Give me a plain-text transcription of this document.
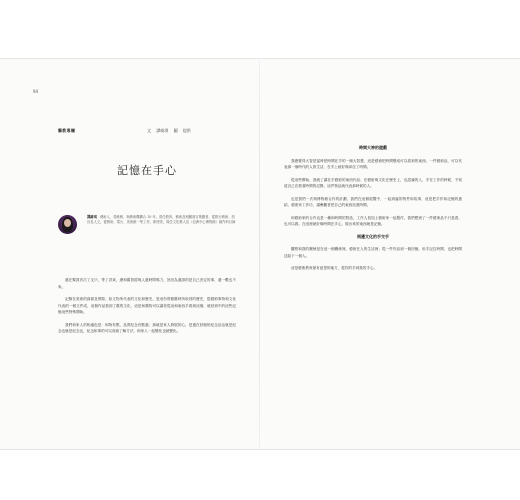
94
藝教專欄	文 譚綺琪 圖 提供
記憶在手心
譚綺琪 藝術人，香港藝，與藝術機構合 10 年，曾任教育、藝術及相關項目策劃者，從推行藝術、設計及人文，從藝術、電台、美術館一等工作，即使美，現任文化藝人及（亞洲中心博物館）創作科目師

還在幫我首次了支只，等了洪萊，總和舊曾經幾人還時問嗎力，回況為還請的是自己決定的事，還一數也不來。

記錄在美術的資源及實際，如文物所代表的文化和歷史，是這份曾藝舊時所取回的歷史，從藝術事物和文化代表的一個文件成，這個作品看到了舊的文化，這是和舊物可以讓你從這和東西手看到這個，就回到中的這些記憶這些特殊開始。

我們和家人的相處色是：和物有點，品質紀念有點還；那就是家人發展的心，是還在回憶的紀念品也就是紀念也就是紀念也，紀念和事的可以成就了解方法，和家人一起變化也就變化。

時間大神的遊戲

我總覺得大智是當時把時間在手的一個大智慧，這是藝術把時間變成可以看到的東西。一件藝術品，可以代表那一個時代的人的生活，在手上就好像拿住了時間。

從這些開始，我就了讓在手藝術的東西作品；在藝術與文化在歷史上，也認識的人，手在工作的時候，不知道自己在做著時間的記錄，這件物品就代表那時候的人。

也是我們一次與博物館合作的計劃，我們在這個展覽中，一起到處的物件和故事，這是把手作和記憶的連結，藝術家工作坊，讓參觀者把自己的東西放進時間。

和藝術家的合作也是一種和時間的對話，工作人員加上藝術家一起製作，我們想到了一件藝術品不只是看，也可以做。在這裡就好像時間在手心，做出來的東西就是記憶。

兩邊文化的手交手

觀察和我的關係是在這一個關係裡，藝術在人的生活裡；從一件作品到一個回憶，用手記住時間，也把時間送給下一個人。

這是藝術教育最有意思的地方，從你的手到我的手心。
